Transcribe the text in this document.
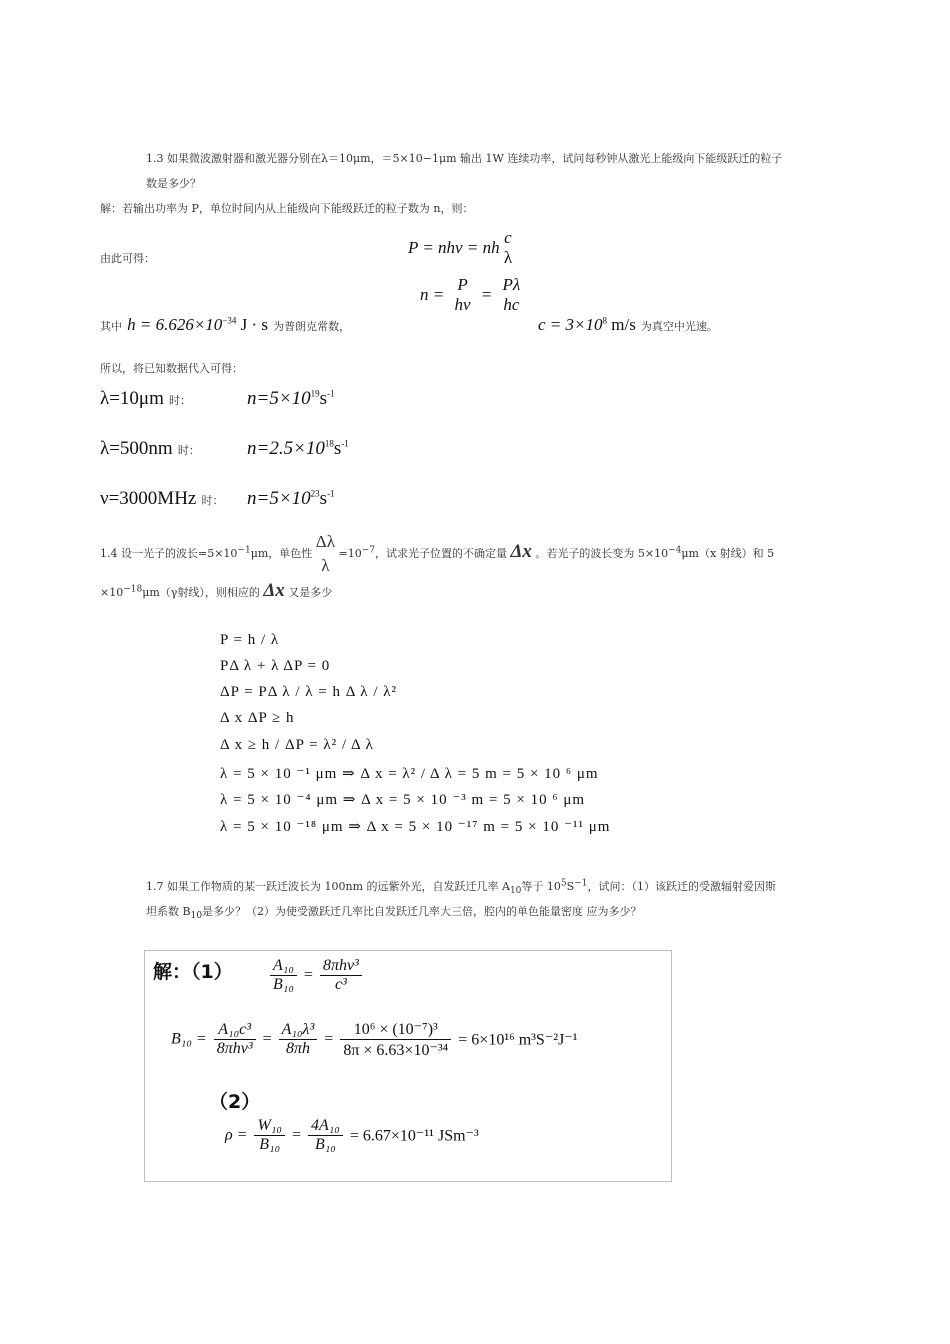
1.3 如果微波激射器和激光器分别在λ＝10μm，＝5×10−1μm 输出 1W 连续功率，试问每秒钟从激光上能级向下能级跃迁的粒子
数是多少？
解：若输出功率为 P，单位时间内从上能级向下能级跃迁的粒子数为 n，则：
由此可得：
P = nhν = nh
c
λ
n =
P
hν
=
Pλ
hc
其中 $h = 6.626\times 10^{-34}$ J · s 为普朗克常数，	$c = 3\times 10^8$ m/s 为真空中光速。
所以，将已知数据代入可得：
λ=10μm 时：	$n=5\times 10^{19}s^{-1}$
λ=500nm 时： $n=2.5\times 10^{18}s^{-1}$
ν=3000MHz 时： $n=5\times 10^{23}s^{-1}$
1.4 设一光子的波长$=5\times 10^{-1}\mu m$，单色性
Δλ
λ
$=10^{-7}$，试求光子位置的不确定量 Δx 。若光子的波长变为 $5\times 10^{-4}\mu m(x$ 射线）和 5
$\times 10^{-18}\mu m(\gamma$射线），则相应的 Δx 又是多少
P = h / λ
PΔ λ + λ ΔP = 0
ΔP = PΔ λ / λ = h Δ λ / λ²
Δ x ΔP ≥ h
Δ x ≥ h / ΔP = λ² / Δ λ
λ = 5 × 10 ⁻¹ μm ⇒ Δ x = λ² / Δ λ = 5 m = 5 × 10 ⁶ μm
λ = 5 × 10 ⁻⁴ μm ⇒ Δ x = 5 × 10 ⁻³ m = 5 × 10 ⁶ μm
λ = 5 × 10 ⁻¹⁸ μm ⇒ Δ x = 5 × 10 ⁻¹⁷ m = 5 × 10 ⁻¹¹ μm
1.7 如果工作物质的某一跃迁波长为 100nm 的远紫外光，自发跃迁几率 $A_{10}$等于 $10^5S^{-1}$，试问：（1）该跃迁的受激辐射爱因斯
坦系数 $B_{10}$是多少？（2）为使受激跃迁几率比自发跃迁几率大三倍，腔内的单色能量密度 应为多少？
解：$(1) \frac{\text{A₁₀}}{\text{B₁₀}}$ =
8πhν³
c³
B₁₀ =
A₁₀c³
8πhν³
= $\frac{\text{A₁₀λ³}}{8\pi h} = \frac{\text{10⁶ × (10⁻⁷)³}}{\text{8π × 6.63×10⁻³⁴}} = 6\times 10^{16}$ m³S⁻²J⁻¹
（2）
$\rho = \frac{\text{W₁₀}}{\text{B₁₀}} = \frac{\text{4A₁₀}}{\text{B₁₀}} = 6.67\times 10^{-11}$ JSm⁻³
